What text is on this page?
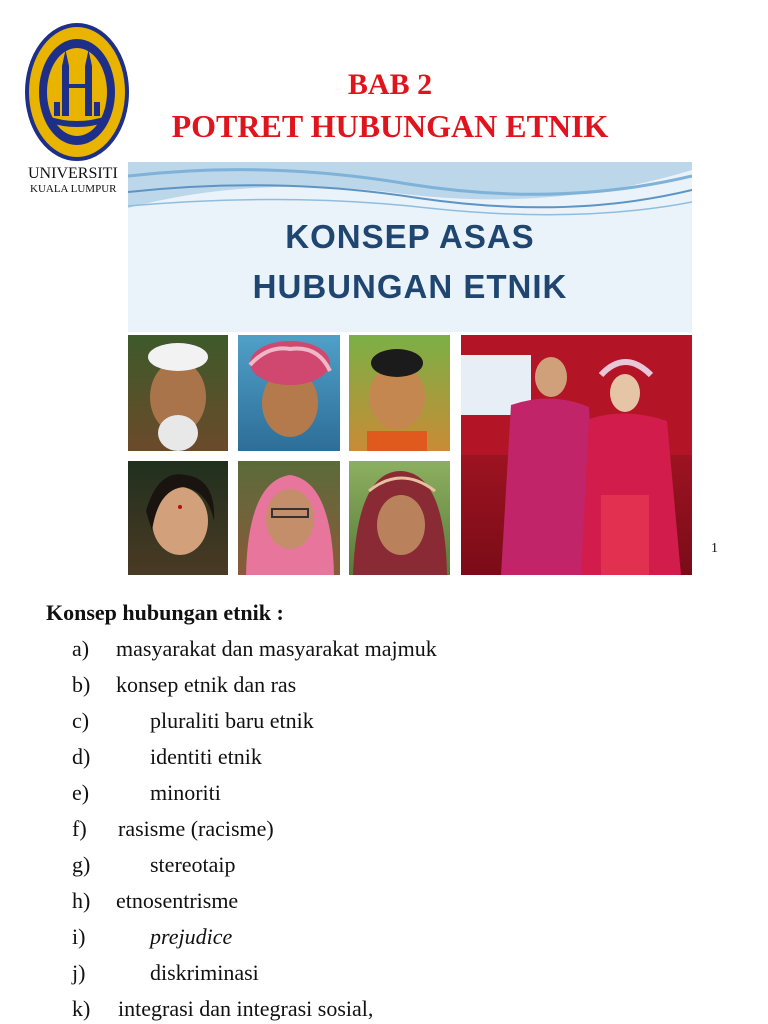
UNIVERSITI
KUALA LUMPUR
BAB 2
POTRET HUBUNGAN ETNIK
KONSEP ASAS
HUBUNGAN ETNIK
1
Konsep hubungan etnik :
a) masyarakat dan masyarakat majmuk
b) konsep etnik dan ras
c)	pluraliti baru etnik
d)	identiti etnik
e)	minoriti
f) rasisme (racisme)
g)	stereotaip
h) etnosentrisme
i)	prejudice
j)	diskriminasi
k) integrasi dan integrasi sosial,
